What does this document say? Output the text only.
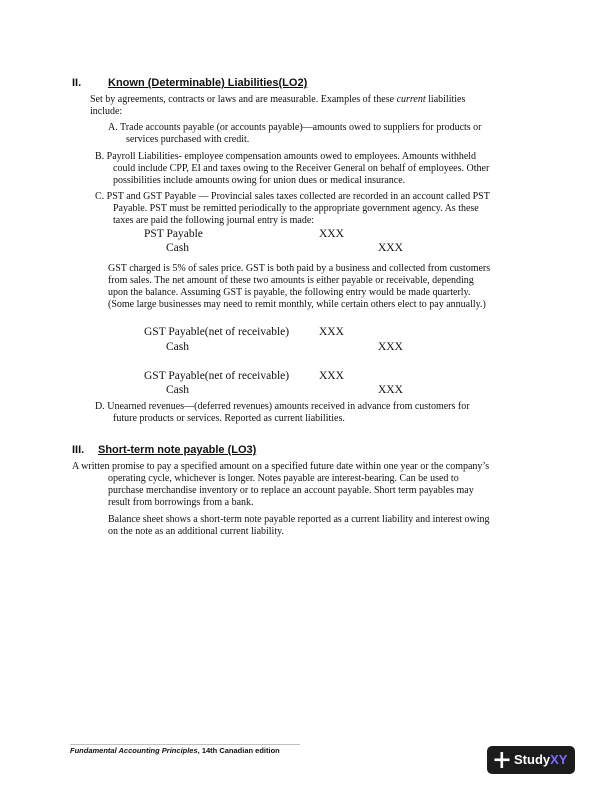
II. Known (Determinable) Liabilities(LO2)
Set by agreements, contracts or laws and are measurable. Examples of these current liabilities
include:
A. Trade accounts payable (or accounts payable)—amounts owed to suppliers for products or
services purchased with credit.
B. Payroll Liabilities- employee compensation amounts owed to employees. Amounts withheld
could include CPP, EI and taxes owing to the Receiver General on behalf of employees. Other
possibilities include amounts owing for union dues or medical insurance.
C. PST and GST Payable — Provincial sales taxes collected are recorded in an account called PST
Payable. PST must be remitted periodically to the appropriate government agency. As these
taxes are paid the following journal entry is made:
PST Payable	XXX
Cash	XXX
GST charged is 5% of sales price. GST is both paid by a business and collected from customers
from sales. The net amount of these two amounts is either payable or receivable, depending
upon the balance. Assuming GST is payable, the following entry would be made quarterly.
(Some large businesses may need to remit monthly, while certain others elect to pay annually.)
GST Payable(net of receivable)	XXX
Cash	XXX
GST Payable(net of receivable)	XXX
Cash	XXX
D. Unearned revenues—(deferred revenues) amounts received in advance from customers for
future products or services. Reported as current liabilities.
III. Short-term note payable (LO3)
A written promise to pay a specified amount on a specified future date within one year or the company’s
operating cycle, whichever is longer. Notes payable are interest-bearing. Can be used to
purchase merchandise inventory or to replace an account payable. Short term payables may
result from borrowings from a bank.
Balance sheet shows a short-term note payable reported as a current liability and interest owing
on the note as an additional current liability.
Fundamental Accounting Principles, 14th Canadian edition
StudyXY
